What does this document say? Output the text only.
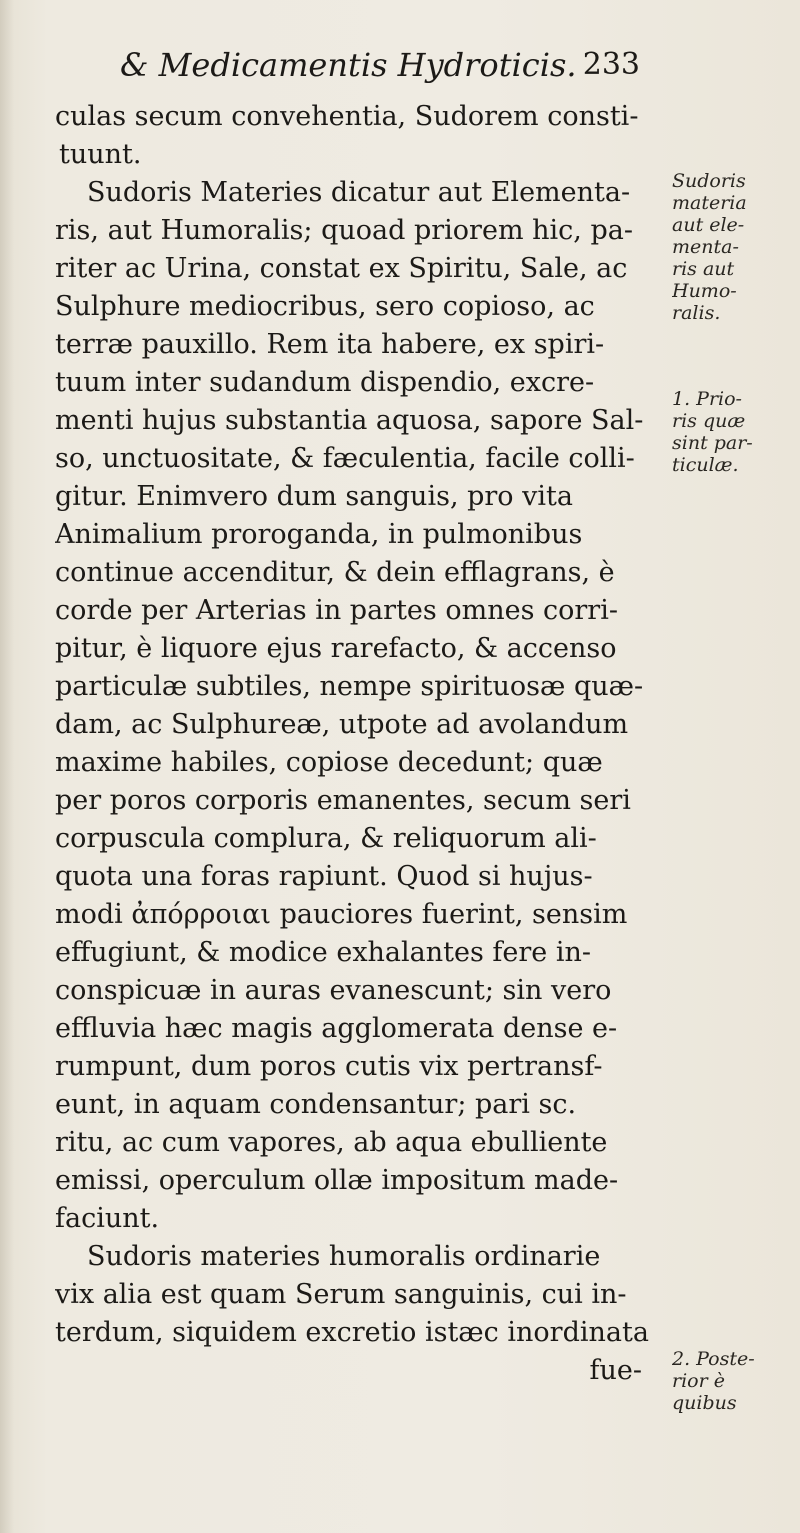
& Medicamentis Hydroticis. 233
culas secum convehentia, Sudorem consti-
tuunt.
Sudoris Materies dicatur aut Elementa-
ris, aut Humoralis; quoad priorem hic, pa-
riter ac Urina, constat ex Spiritu, Sale, ac
Sulphure mediocribus, sero copioso, ac
terræ pauxillo. Rem ita habere, ex spiri-
tuum inter sudandum dispendio, excre-
menti hujus substantia aquosa, sapore Sal-
so, unctuositate, & fæculentia, facile colli-
gitur. Enimvero dum sanguis, pro vita
Animalium proroganda, in pulmonibus
continue accenditur, & dein efflagrans, è
corde per Arterias in partes omnes corri-
pitur, è liquore ejus rarefacto, & accenso
particulæ subtiles, nempe spirituosæ quæ-
dam, ac Sulphureæ, utpote ad avolandum
maxime habiles, copiose decedunt; quæ
per poros corporis emanentes, secum seri
corpuscula complura, & reliquorum ali-
quota una foras rapiunt. Quod si hujus-
modi ἀπόρροιαι pauciores fuerint, sensim
effugiunt, & modice exhalantes fere in-
conspicuæ in auras evanescunt; sin vero
effluvia hæc magis agglomerata dense e-
rumpunt, dum poros cutis vix pertransf-
eunt, in aquam condensantur; pari sc.
ritu, ac cum vapores, ab aqua ebulliente
emissi, operculum ollæ impositum made-
faciunt.
Sudoris materies humoralis ordinarie
vix alia est quam Serum sanguinis, cui in-
terdum, siquidem excretio istæc inordinata
fue-
Sudoris
materia
aut ele-
menta-
ris aut
Humo-
ralis.
1. Prio-
ris quæ
sint par-
ticulæ.
2. Poste-
rior è
quibus
